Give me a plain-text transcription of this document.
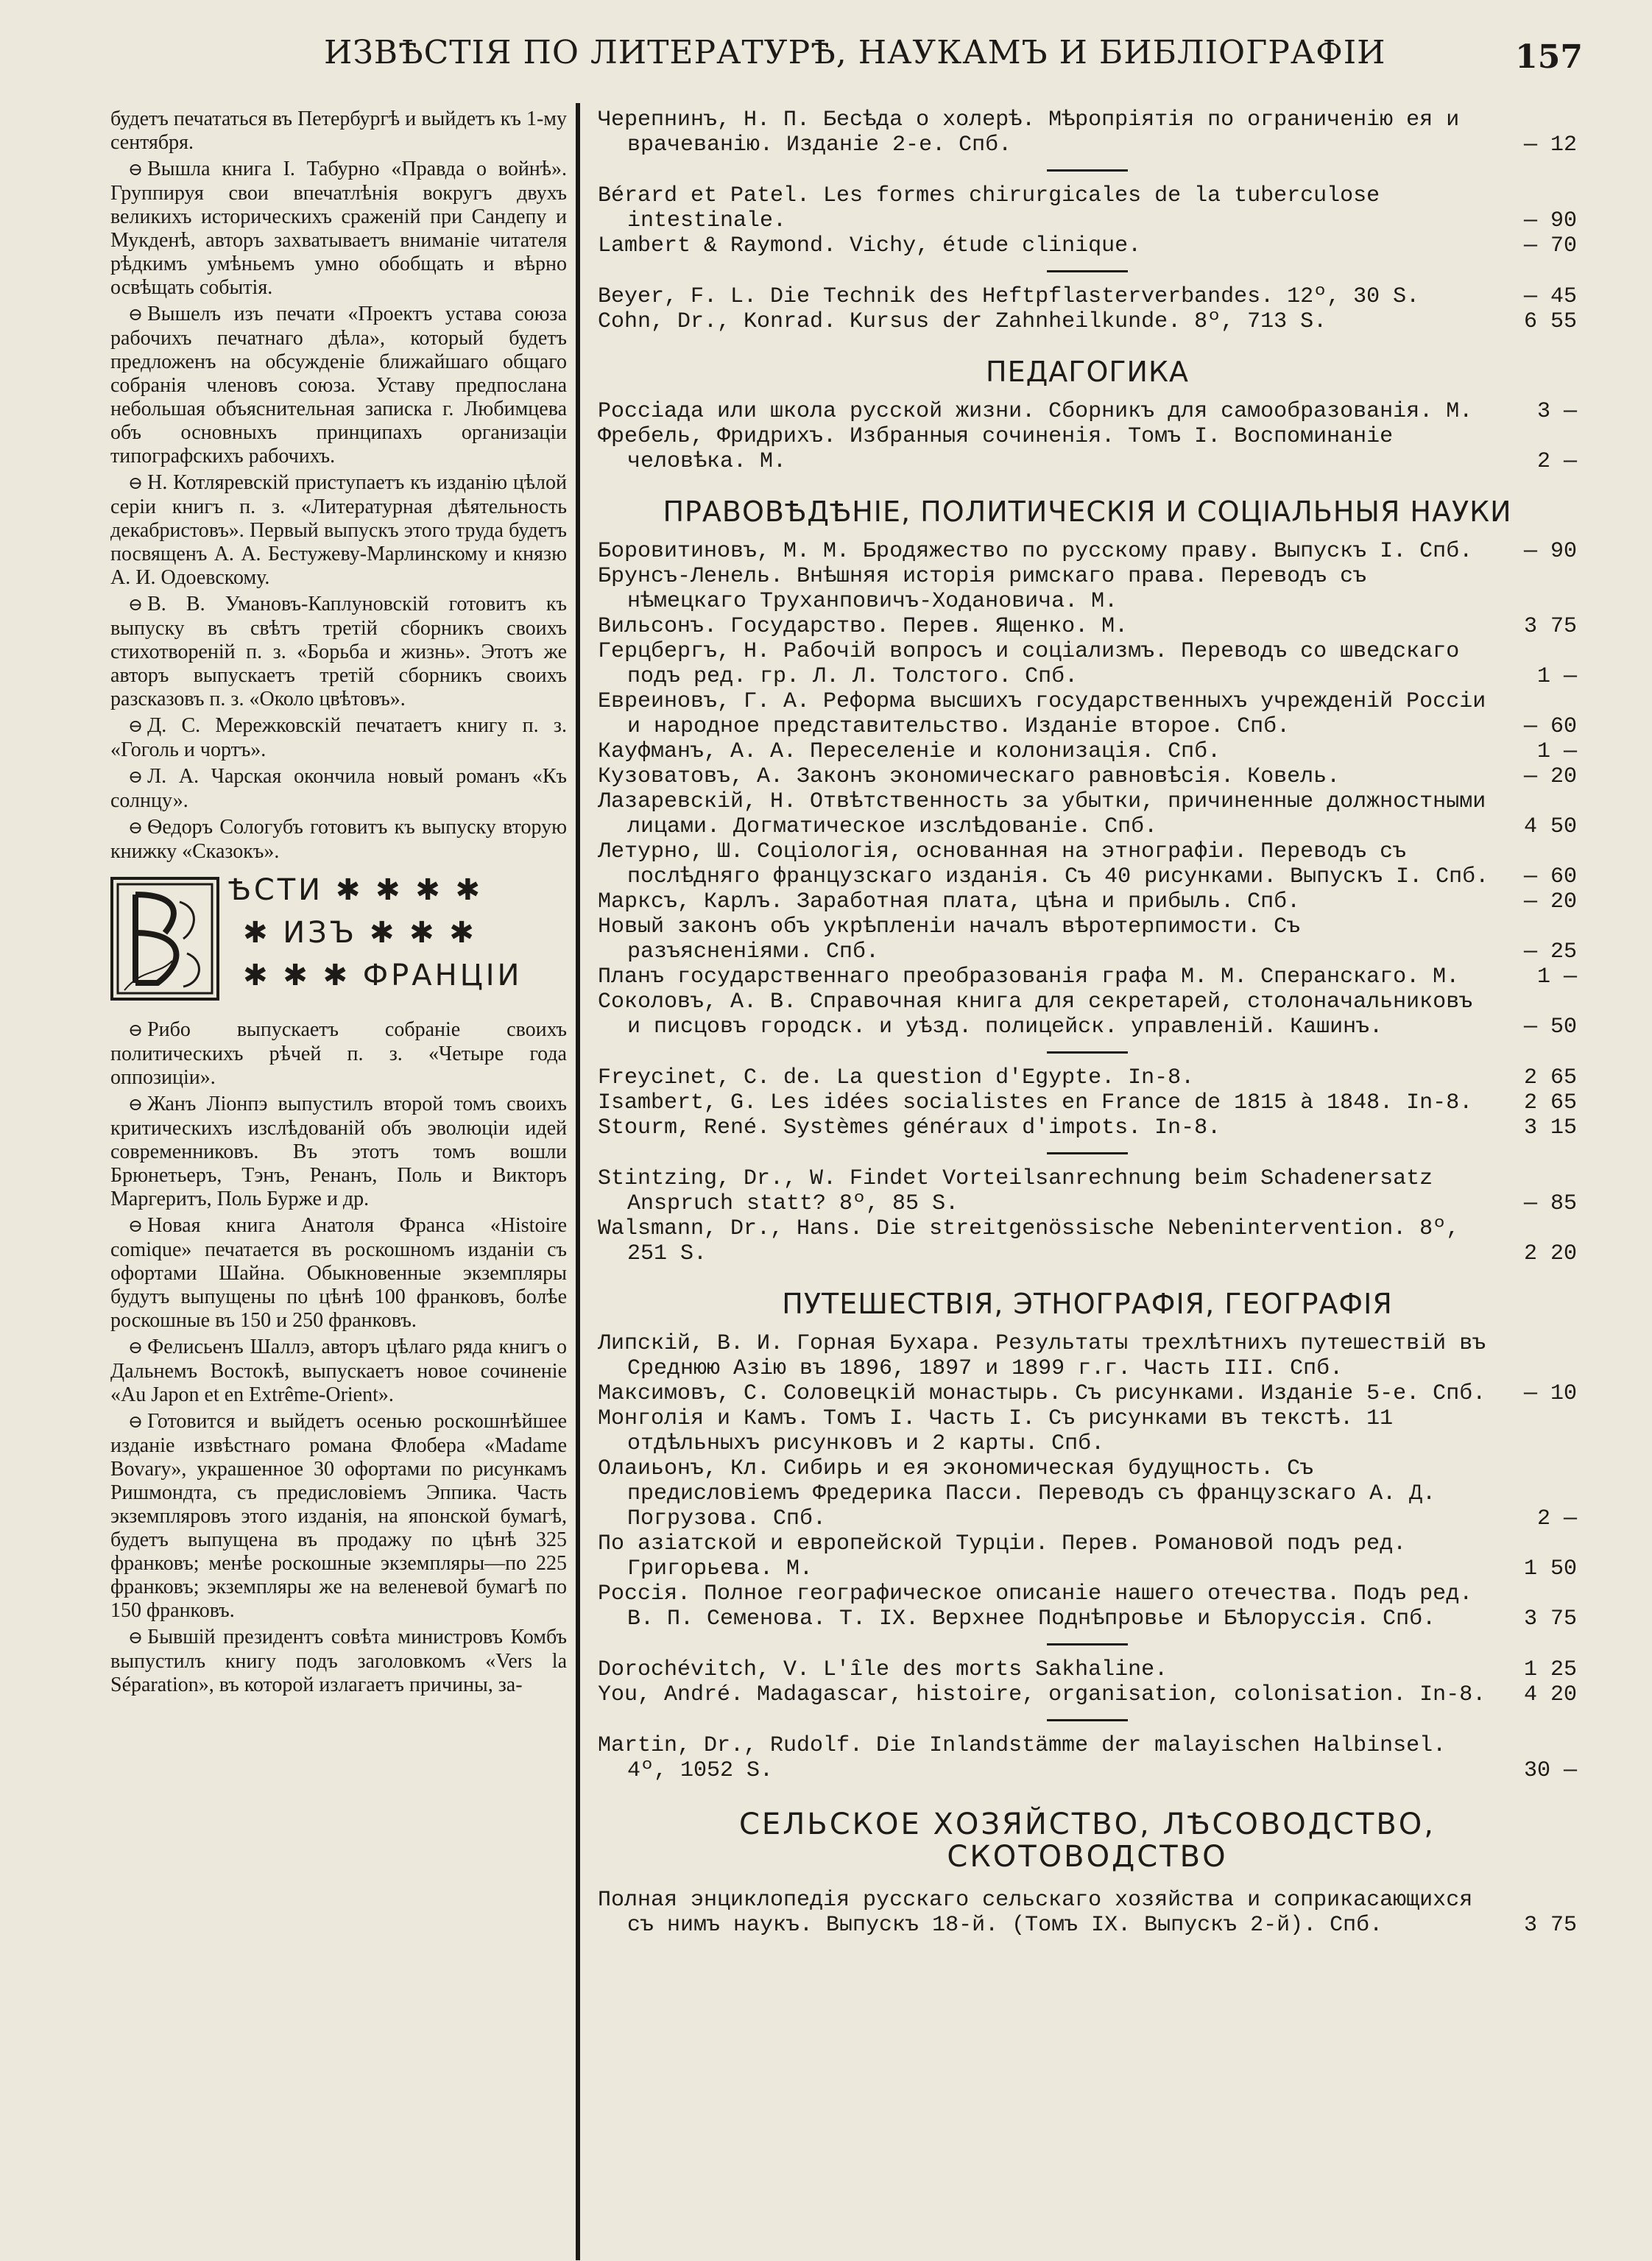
ИЗВѢСТІЯ ПО ЛИТЕРАТУРѢ, НАУКАМЪ И БИБЛІОГРАФІИ	157

будетъ печататься въ Петербургѣ и выйдетъ къ 1-му сентября.

⊖ Вышла книга І. Табурно «Правда о войнѣ». Группируя свои впечатлѣнія вокругъ двухъ великихъ историческихъ сраженій при Сандепу и Мукденѣ, авторъ захватываетъ вниманіе читателя рѣдкимъ умѣньемъ умно обобщать и вѣрно освѣщать событія.

⊖ Вышелъ изъ печати «Проектъ устава союза рабочихъ печатнаго дѣла», который будетъ предложенъ на обсужденіе ближайшаго общаго собранія членовъ союза. Уставу предпослана небольшая объяснительная записка г. Любимцева объ основныхъ принципахъ организаціи типографскихъ рабочихъ.

⊖ Н. Котляревскій приступаетъ къ изданію цѣлой серіи книгъ п. з. «Литературная дѣятельность декабристовъ». Первый выпускъ этого труда будетъ посвященъ А. А. Бестужеву-Марлинскому и князю А. И. Одоевскому.

⊖ В. В. Умановъ-Каплуновскій готовитъ къ выпуску въ свѣтъ третій сборникъ своихъ стихотвореній п. з. «Борьба и жизнь». Этотъ же авторъ выпускаетъ третій сборникъ своихъ разсказовъ п. з. «Около цвѣтовъ».

⊖ Д. С. Мережковскій печатаетъ книгу п. з. «Гоголь и чортъ».

⊖ Л. А. Чарская окончила новый романъ «Къ солнцу».

⊖ Ѳедоръ Сологубъ готовитъ къ выпуску вторую книжку «Сказокъ».

ѢСТИ ✱ ✱ ✱ ✱
✱ ИЗЪ ✱ ✱ ✱
✱ ✱ ✱ ФРАНЦІИ

⊖ Рибо выпускаетъ собраніе своихъ политическихъ рѣчей п. з. «Четыре года оппозиціи».

⊖ Жанъ Ліонпэ выпустилъ второй томъ своихъ критическихъ изслѣдованій объ эволюціи идей современниковъ. Въ этотъ томъ вошли Брюнетьеръ, Тэнъ, Ренанъ, Поль и Викторъ Маргеритъ, Поль Бурже и др.

⊖ Новая книга Анатоля Франса «Histoire comique» печатается въ роскошномъ изданіи съ офортами Шайна. Обыкновенные экземпляры будутъ выпущены по цѣнѣ 100 франковъ, болѣе роскошные въ 150 и 250 франковъ.

⊖ Фелисьенъ Шаллэ, авторъ цѣлаго ряда книгъ о Дальнемъ Востокѣ, выпускаетъ новое сочиненіе «Au Japon et en Extrême-Orient».

⊖ Готовится и выйдетъ осенью роскошнѣйшее изданіе извѣстнаго романа Флобера «Madame Bovary», украшенное 30 офортами по рисункамъ Ришмондта, съ предисловіемъ Эппика. Часть экземпляровъ этого изданія, на японской бумагѣ, будетъ выпущена въ продажу по цѣнѣ 325 франковъ; менѣе роскошные экземпляры—по 225 франковъ; экземпляры же на веленевой бумагѣ по 150 франковъ.

⊖ Бывшій президентъ совѣта министровъ Комбъ выпустилъ книгу подъ заголовкомъ «Vers la Séparation», въ которой излагаетъ причины, за-

Черепнинъ, Н. П. Бесѣда о холерѣ. Мѣропріятія по ограниченію ея и врачеванію. Изданіе 2-е. Спб.	— 12
Bérard et Patel. Les formes chirurgicales de la tuberculose intestinale.	— 90
Lambert & Raymond. Vichy, étude clinique.	— 70
Beyer, F. L. Die Technik des Heftpflasterverbandes. 12º, 30 S.	— 45
Cohn, Dr., Konrad. Kursus der Zahnheilkunde. 8º, 713 S.	6 55
ПЕДАГОГИКА
Россіада или школа русской жизни. Сборникъ для самообразованія. М.	3 —
Фребель, Фридрихъ. Избранныя сочиненія. Томъ І. Воспоминаніе человѣка. М.	2 —
ПРАВОВѢДѢНІЕ, ПОЛИТИЧЕСКІЯ И СОЦІАЛЬНЫЯ НАУКИ
Боровитиновъ, М. М. Бродяжество по русскому праву. Выпускъ І. Спб.	— 90
Брунсъ-Ленель. Внѣшняя исторія римскаго права. Переводъ съ нѣмецкаго Труханповичъ-Ходановича. М.
Вильсонъ. Государство. Перев. Ященко. М.	3 75
Герцбергъ, Н. Рабочій вопросъ и соціализмъ. Переводъ со шведскаго подъ ред. гр. Л. Л. Толстого. Спб.	1 —
Евреиновъ, Г. А. Реформа высшихъ государственныхъ учрежденій Россіи и народное представительство. Изданіе второе. Спб.	— 60
Кауфманъ, А. А. Переселеніе и колонизація. Спб.	1 —
Кузоватовъ, А. Законъ экономическаго равновѣсія. Ковель.	— 20
Лазаревскій, Н. Отвѣтственность за убытки, причиненные должностными лицами. Догматическое изслѣдованіе. Спб.	4 50
Летурно, Ш. Соціологія, основанная на этнографіи. Переводъ съ послѣдняго французскаго изданія. Съ 40 рисунками. Выпускъ І. Спб.	— 60
Марксъ, Карлъ. Заработная плата, цѣна и прибыль. Спб.	— 20
Новый законъ объ укрѣпленіи началъ вѣротерпимости. Съ разъясненіями. Спб.	— 25
Планъ государственнаго преобразованія графа М. М. Сперанскаго. М.	1 —
Соколовъ, А. В. Справочная книга для секретарей, столоначальниковъ и писцовъ городск. и уѣзд. полицейск. управленій. Кашинъ.	— 50
Freycinet, C. de. La question d'Egypte. In-8.	2 65
Isambert, G. Les idées socialistes en France de 1815 à 1848. In-8.	2 65
Stourm, René. Systèmes généraux d'impots. In-8.	3 15
Stintzing, Dr., W. Findet Vorteilsanrechnung beim Schadenersatz Anspruch statt? 8º, 85 S.	— 85
Walsmann, Dr., Hans. Die streitgenössische Nebenintervention. 8º, 251 S.	2 20
ПУТЕШЕСТВІЯ, ЭТНОГРАФІЯ, ГЕОГРАФІЯ
Липскій, В. И. Горная Бухара. Результаты трехлѣтнихъ путешествій въ Среднюю Азію въ 1896, 1897 и 1899 г.г. Часть III. Спб.
Максимовъ, С. Соловецкій монастырь. Съ рисунками. Изданіе 5-е. Спб.	— 10
Монголія и Камъ. Томъ І. Часть І. Съ рисунками въ текстѣ. 11 отдѣльныхъ рисунковъ и 2 карты. Спб.
Олаиьонъ, Кл. Сибирь и ея экономическая будущность. Съ предисловіемъ Фредерика Пасси. Переводъ съ французскаго А. Д. Погрузова. Спб.	2 —
По азіатской и европейской Турціи. Перев. Романовой подъ ред. Григорьева. М.	1 50
Россія. Полное географическое описаніе нашего отечества. Подъ ред. В. П. Семенова. Т. IX. Верхнее Поднѣпровье и Бѣлоруссія. Спб.	3 75
Dorochévitch, V. L'île des morts Sakhaline.	1 25
You, André. Madagascar, histoire, organisation, colonisation. In-8.	4 20
Martin, Dr., Rudolf. Die Inlandstämme der malayischen Halbinsel. 4º, 1052 S.	30 —
СЕЛЬСКОЕ ХОЗЯЙСТВО, ЛѢСОВОДСТВО, СКОТОВОДСТВО
Полная энциклопедія русскаго сельскаго хозяйства и соприкасающихся съ нимъ наукъ. Выпускъ 18-й. (Томъ IX. Выпускъ 2-й). Спб.	3 75
